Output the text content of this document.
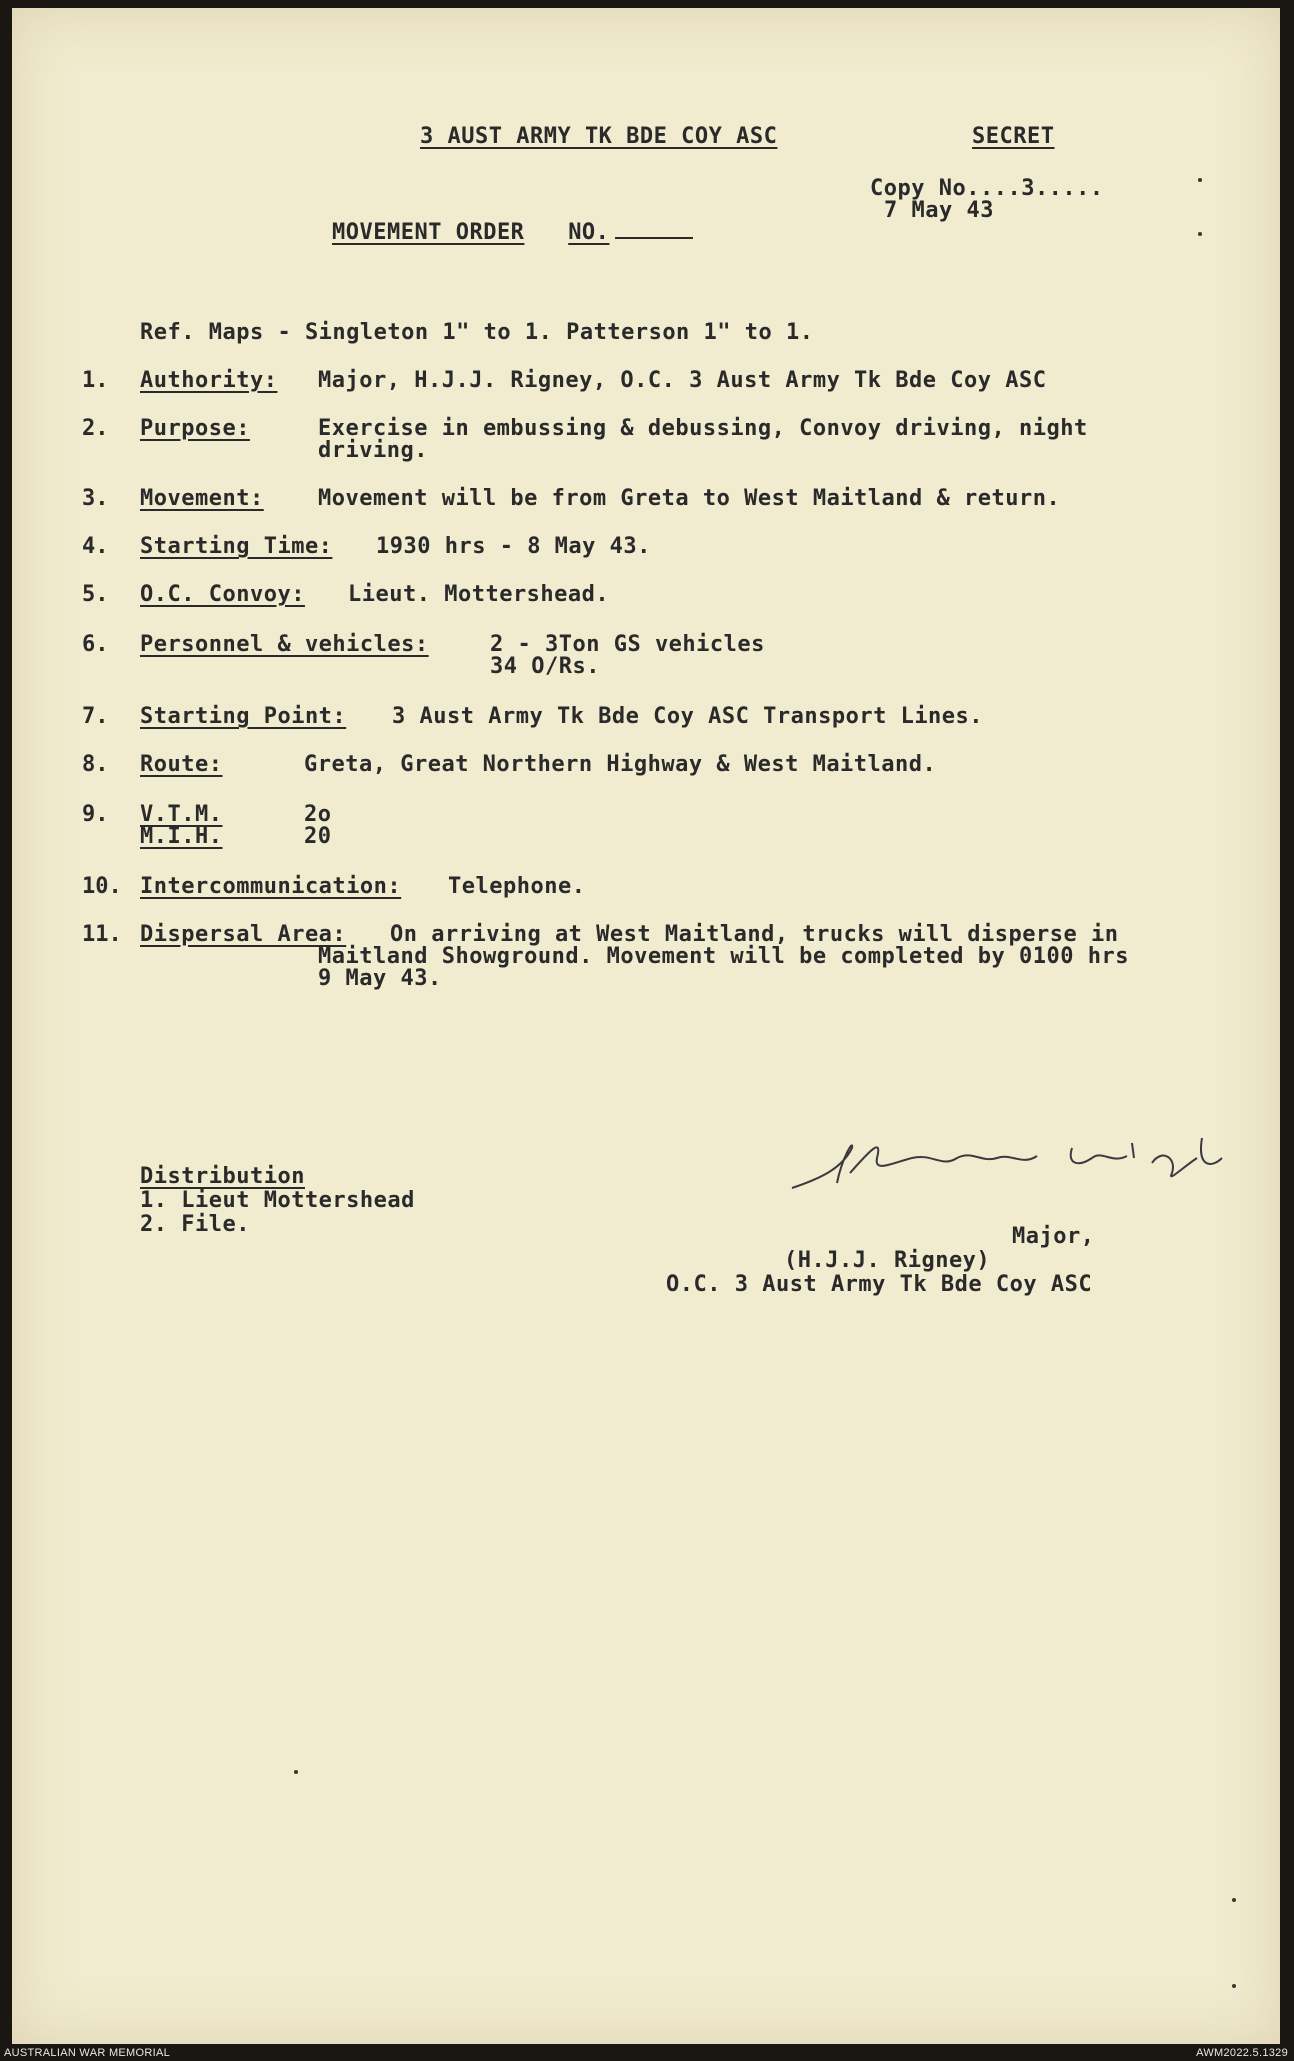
3 AUST ARMY TK BDE COY ASC	SECRET
Copy No....3.....
7 May 43
MOVEMENT ORDER NO.
Ref. Maps - Singleton 1" to 1. Patterson 1" to 1.
1. Authority: Major, H.J.J. Rigney, O.C. 3 Aust Army Tk Bde Coy ASC
2. Purpose:	Exercise in embussing & debussing, Convoy driving, night
driving.
3. Movement: Movement will be from Greta to West Maitland & return.
4. Starting Time: 1930 hrs - 8 May 43.
5. O.C. Convoy: Lieut. Mottershead.
6. Personnel & vehicles:	2 - 3Ton GS vehicles
34 O/Rs.
7. Starting Point: 3 Aust Army Tk Bde Coy ASC Transport Lines.
8. Route:	Greta, Great Northern Highway & West Maitland.
9. V.T.M.	2o
M.I.H.	20
10. Intercommunication: Telephone.
11. Dispersal Area: On arriving at West Maitland, trucks will disperse in
Maitland Showground. Movement will be completed by 0100 hrs
9 May 43.
Distribution
1. Lieut Mottershead
2. File.	Major,
(H.J.J. Rigney)
O.C. 3 Aust Army Tk Bde Coy ASC
AUSTRALIAN WAR MEMORIAL	AWM2022.5.1329
